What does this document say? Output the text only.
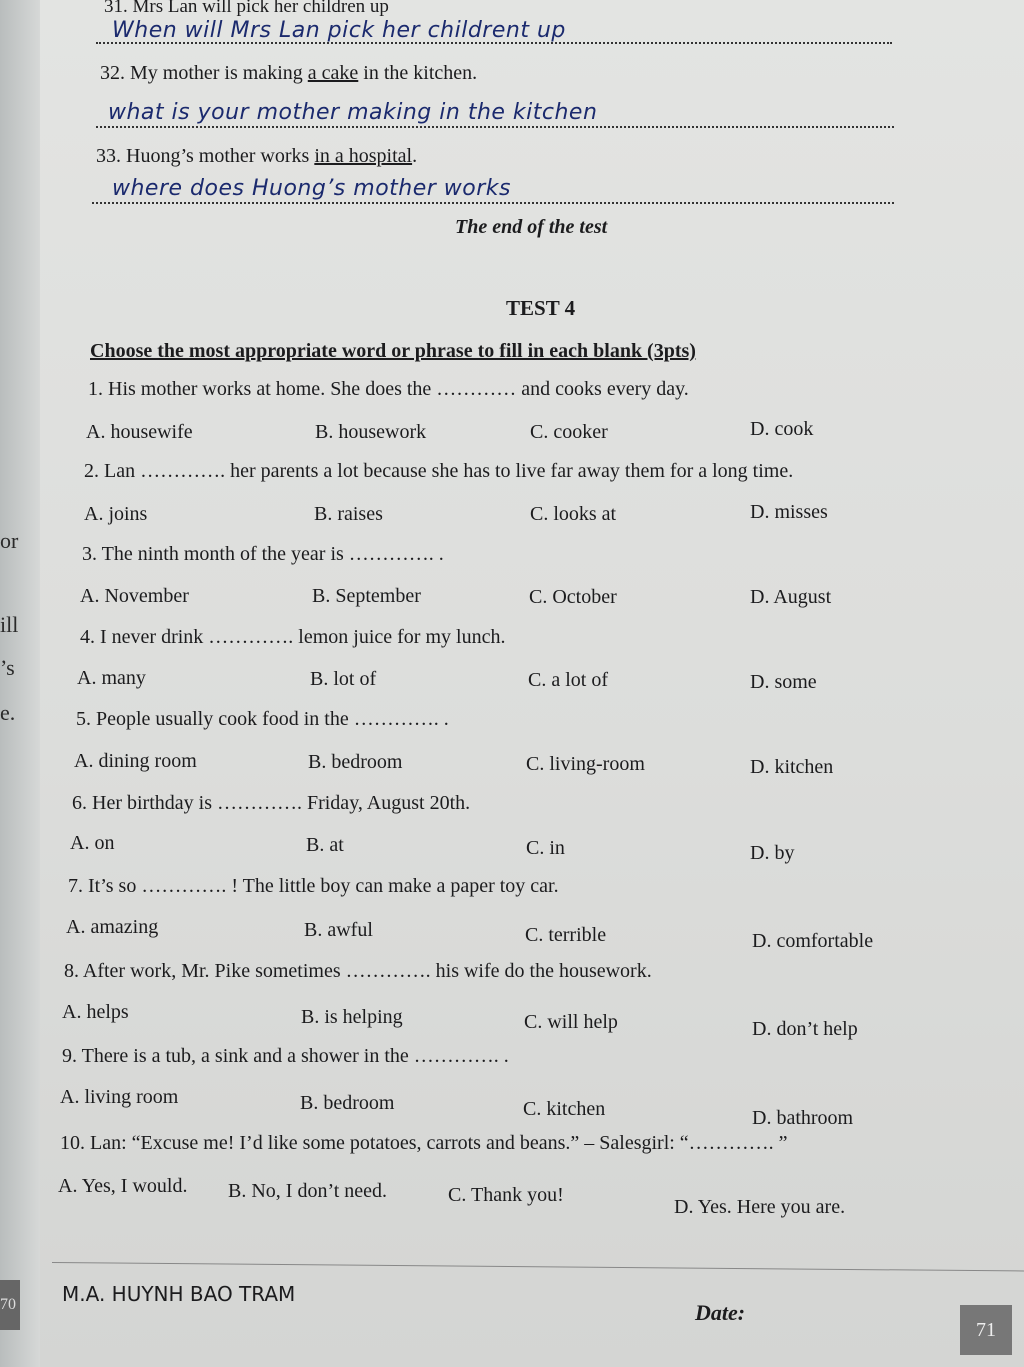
or
ill
’s
e.
31. Mrs Lan will pick her children up
When will Mrs Lan pick her childrent up
32. My mother is making a cake in the kitchen.
what is your mother making in the kitchen
33. Huong’s mother works in a hospital.
where does Huong’s mother works
The end of the test
TEST 4
Choose the most appropriate word or phrase to fill in each blank (3pts)
1. His mother works at home. She does the ………… and cooks every day.
A. housewife	B. housework	C. cooker	D. cook
2. Lan …………. her parents a lot because she has to live far away them for a long time.
A. joins	B. raises	C. looks at	D. misses
3. The ninth month of the year is …………. .
A. November	B. September	C. October	D. August
4. I never drink …………. lemon juice for my lunch.
A. many	B. lot of	C. a lot of	D. some
5. People usually cook food in the …………. .
A. dining room	B. bedroom	C. living-room	D. kitchen
6. Her birthday is …………. Friday, August 20th.
A. on	B. at	C. in	D. by
7. It’s so …………. ! The little boy can make a paper toy car.
A. amazing	B. awful	C. terrible	D. comfortable
8. After work, Mr. Pike sometimes …………. his wife do the housework.
A. helps	B. is helping	C. will help	D. don’t help
9. There is a tub, a sink and a shower in the …………. .
A. living room	B. bedroom	C. kitchen	D. bathroom
10. Lan: “Excuse me! I’d like some potatoes, carrots and beans.” – Salesgirl: “…………. ”
A. Yes, I would. B. No, I don’t need.	C. Thank you!
D. Yes. Here you are.
M.A. HUYNH BAO TRAM
Date:
70
71
